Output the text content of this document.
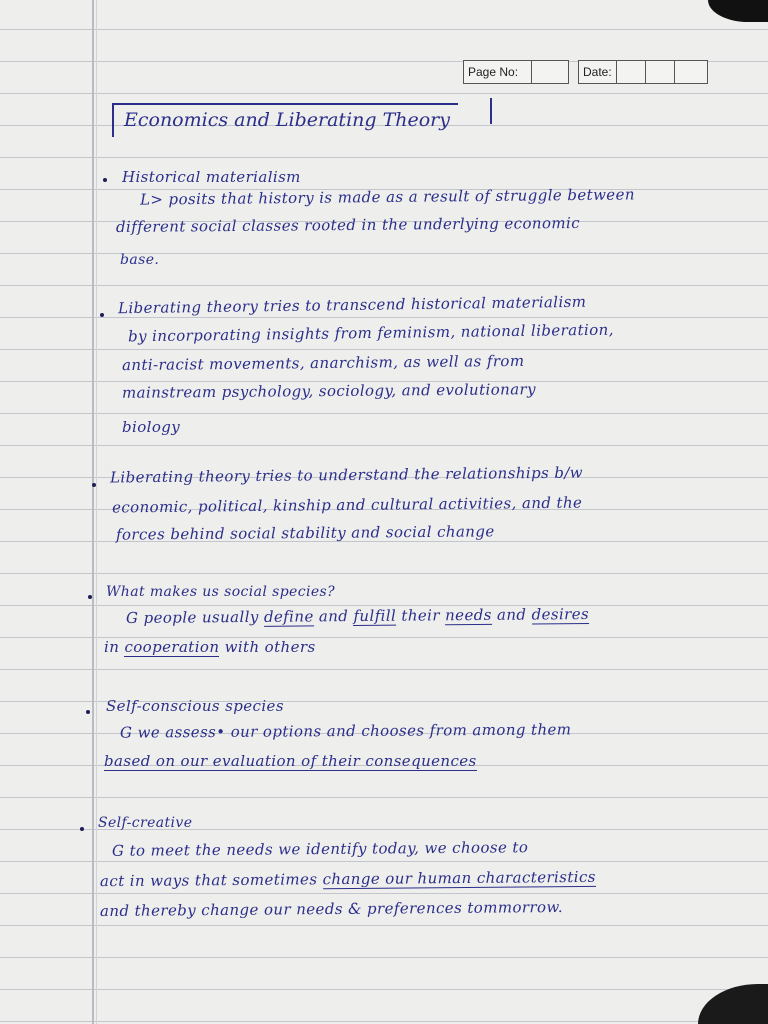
Page No:	Date:
Economics and Liberating Theory
Historical materialism
L> posits that history is made as a result of struggle between
different social classes rooted in the underlying economic
base.
Liberating theory tries to transcend historical materialism
by incorporating insights from feminism, national liberation,
anti-racist movements, anarchism, as well as from
mainstream psychology, sociology, and evolutionary
biology
Liberating theory tries to understand the relationships b/w
economic, political, kinship and cultural activities, and the
forces behind social stability and social change
What makes us social species?
G people usually define and fulfill their needs and desires
in cooperation with others
Self-conscious species
G we assess• our options and chooses from among them
based on our evaluation of their consequences
Self-creative
G to meet the needs we identify today, we choose to
act in ways that sometimes change our human characteristics
and thereby change our needs & preferences tommorrow.
